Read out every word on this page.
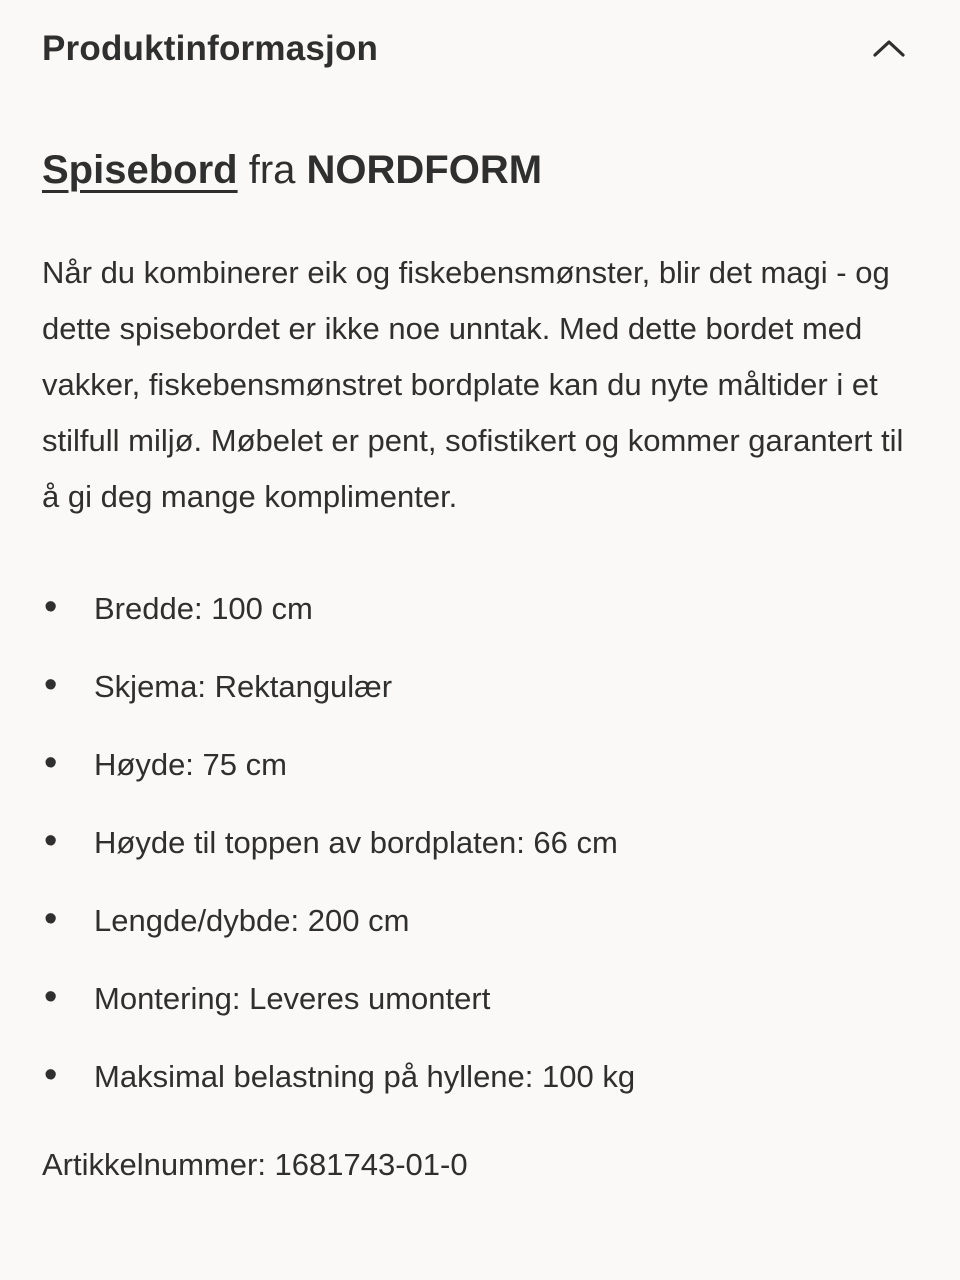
Produktinformasjon
Spisebord fra NORDFORM

Når du kombinerer eik og fiskebensmønster, blir det magi - og dette spisebordet er ikke noe unntak. Med dette bordet med vakker, fiskebensmønstret bordplate kan du nyte måltider i et stilfull miljø. Møbelet er pent, sofistikert og kommer garantert til å gi deg mange komplimenter.

• Bredde: 100 cm
• Skjema: Rektangulær
• Høyde: 75 cm
• Høyde til toppen av bordplaten: 66 cm
• Lengde/dybde: 200 cm
• Montering: Leveres umontert
• Maksimal belastning på hyllene: 100 kg
Artikkelnummer: 1681743-01-0
